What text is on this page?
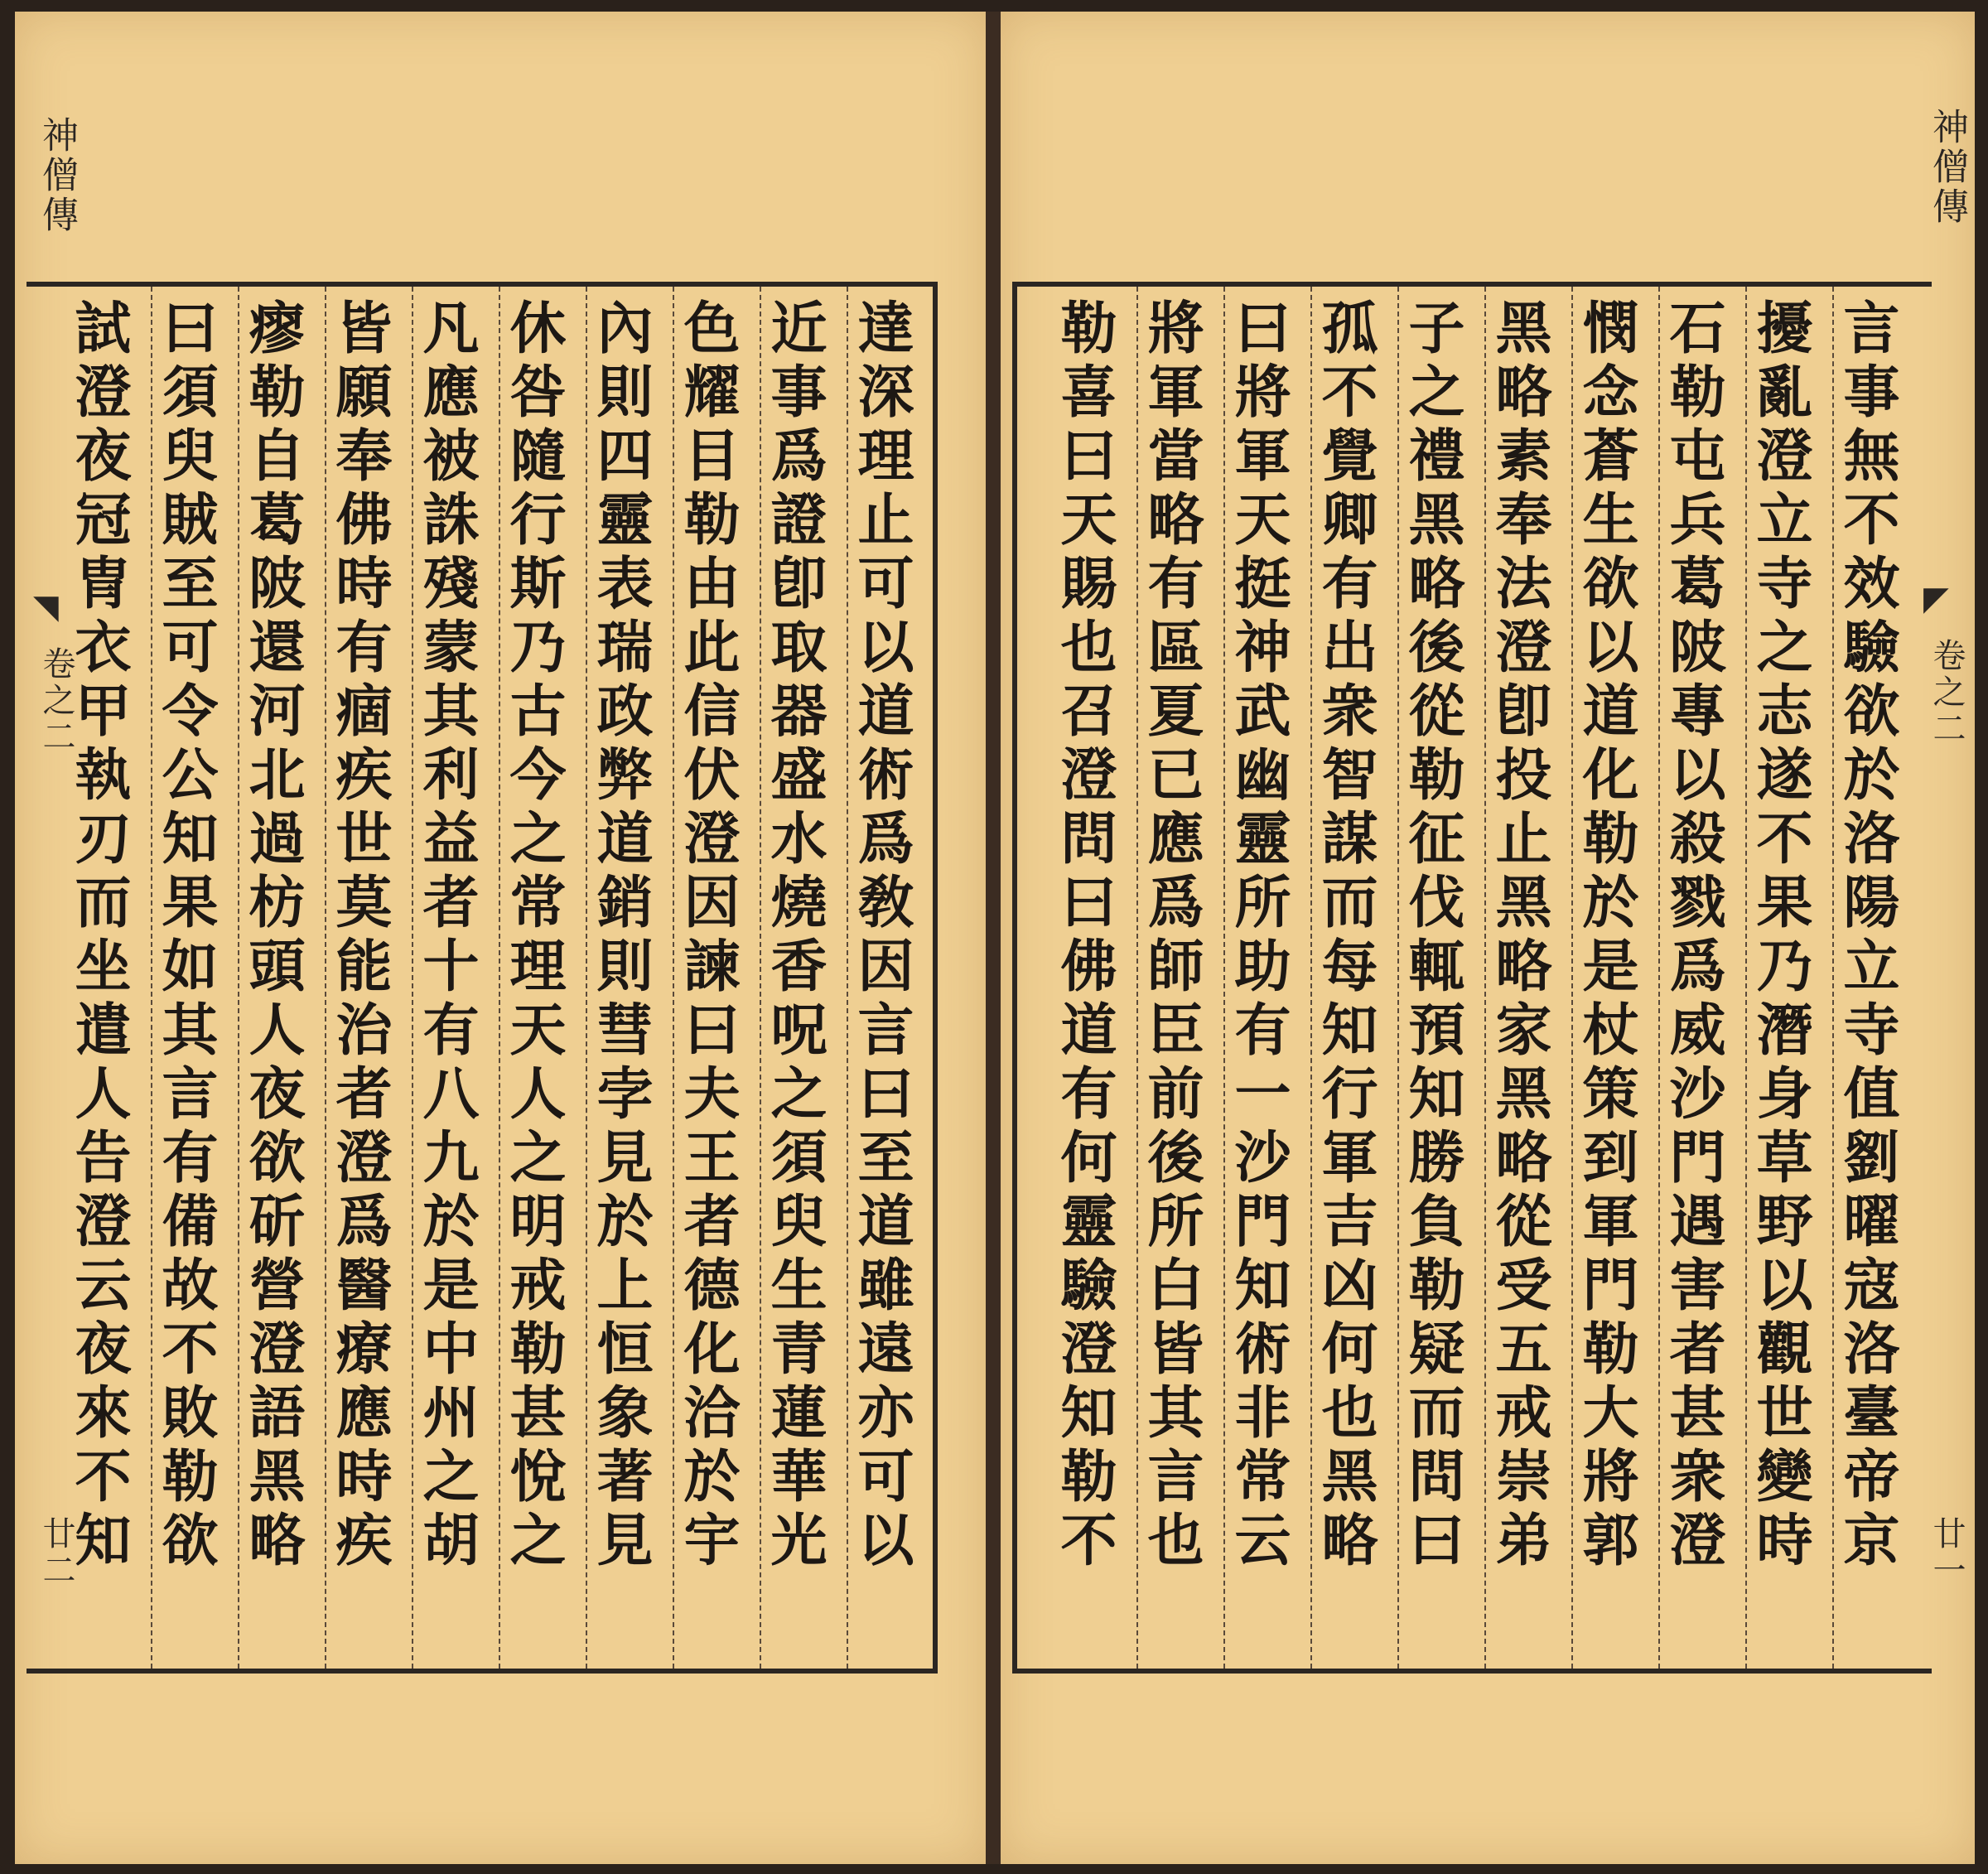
神僧傳
◥
卷之二
廿二
神僧傳
◤
卷之二
廿一
達深理止可以道術爲敎因言曰至道雖遠亦可以
近事爲證卽取器盛水燒香呪之須臾生青蓮華光
色耀目勒由此信伏澄因諫曰夫王者德化洽於宇
內則四靈表瑞政弊道銷則彗孛見於上恒象著見
休咎隨行斯乃古今之常理天人之明戒勒甚悅之
凡應被誅殘蒙其利益者十有八九於是中州之胡
皆願奉佛時有痼疾世莫能治者澄爲醫療應時疾
瘳勒自葛陂還河北過枋頭人夜欲斫營澄語黑略
曰須臾賊至可令公知果如其言有備故不敗勒欲
試澄夜冠冑衣甲執刃而坐遣人告澄云夜來不知	言事無不效驗欲於洛陽立寺值劉曜寇洛臺帝京
擾亂澄立寺之志遂不果乃潛身草野以觀世變時
石勒屯兵葛陂專以殺戮爲威沙門遇害者甚衆澄
憫念蒼生欲以道化勒於是杖策到軍門勒大將郭
黑略素奉法澄卽投止黑略家黑略從受五戒崇弟
子之禮黑略後從勒征伐輒預知勝負勒疑而問曰
孤不覺卿有出衆智謀而每知行軍吉凶何也黑略
曰將軍天挺神武幽靈所助有一沙門知術非常云
將軍當略有區夏已應爲師臣前後所白皆其言也
勒喜曰天賜也召澄問曰佛道有何靈驗澄知勒不
